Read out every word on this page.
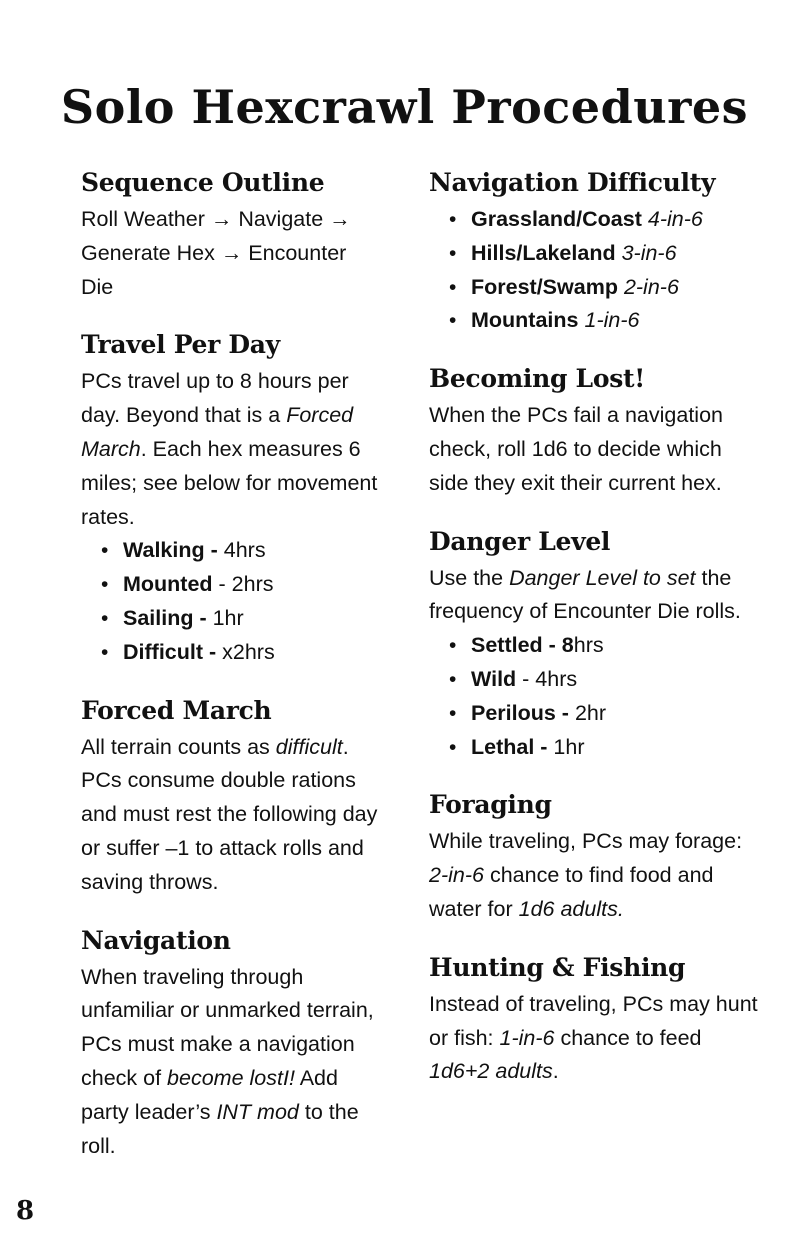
Solo Hexcrawl Procedures
Sequence Outline

Roll Weather → Navigate → Generate Hex → Encounter Die

Travel Per Day

PCs travel up to 8 hours per day. Beyond that is a Forced March. Each hex measures 6 miles; see below for movement rates.

• Walking - 4hrs
• Mounted - 2hrs
• Sailing - 1hr
• Difficult - x2hrs
Forced March

All terrain counts as difficult. PCs consume double rations and must rest the following day or suffer –1 to attack rolls and saving throws.

Navigation

When traveling through unfamiliar or unmarked terrain, PCs must make a navigation check of become lostI! Add party leader’s INT mod to the roll.

Navigation Difficulty
• Grassland/Coast 4-in-6
• Hills/Lakeland 3-in-6
• Forest/Swamp 2-in-6
• Mountains 1-in-6
Becoming Lost!

When the PCs fail a navigation check, roll 1d6 to decide which side they exit their current hex.

Danger Level

Use the Danger Level to set the frequency of Encounter Die rolls.

• Settled - 8hrs
• Wild - 4hrs
• Perilous - 2hr
• Lethal - 1hr
Foraging

While traveling, PCs may forage: 2-in-6 chance to find food and water for 1d6 adults.

Hunting & Fishing

Instead of traveling, PCs may hunt or fish: 1-in-6 chance to feed 1d6+2 adults.

8
